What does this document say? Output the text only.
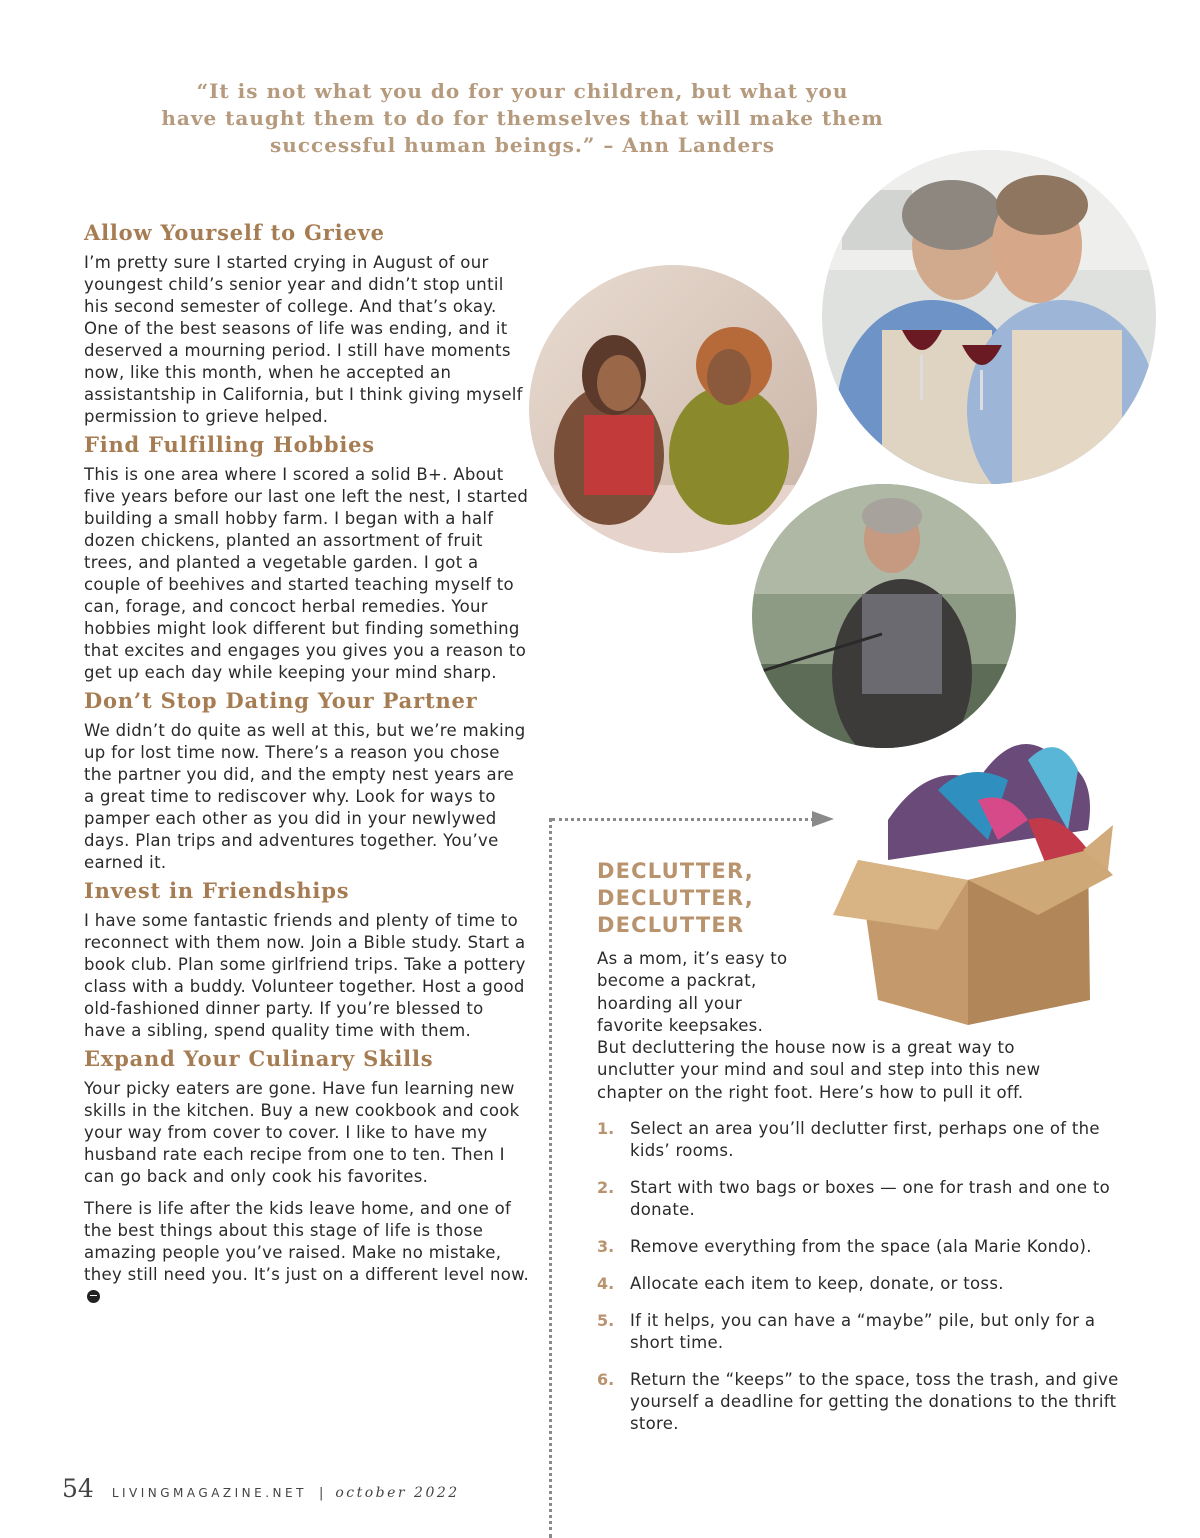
“It is not what you do for your children, but what you
have taught them to do for themselves that will make them
successful human beings.” – Ann Landers
Allow Yourself to Grieve

I’m pretty sure I started crying in August of our youngest child’s senior year and didn’t stop until his second semester of college. And that’s okay. One of the best seasons of life was ending, and it deserved a mourning period. I still have moments now, like this month, when he accepted an assistantship in California, but I think giving myself permission to grieve helped.

Find Fulfilling Hobbies

This is one area where I scored a solid B+. About five years before our last one left the nest, I started building a small hobby farm. I began with a half dozen chickens, planted an assortment of fruit trees, and planted a vegetable garden. I got a couple of beehives and started teaching myself to can, forage, and concoct herbal remedies. Your hobbies might look different but finding something that excites and engages you gives you a reason to get up each day while keeping your mind sharp.

Don’t Stop Dating Your Partner

We didn’t do quite as well at this, but we’re making up for lost time now. There’s a reason you chose the partner you did, and the empty nest years are a great time to rediscover why. Look for ways to pamper each other as you did in your newlywed days. Plan trips and adventures together. You’ve earned it.

Invest in Friendships

I have some fantastic friends and plenty of time to reconnect with them now. Join a Bible study. Start a book club. Plan some girlfriend trips. Take a pottery class with a buddy. Volunteer together. Host a good old-fashioned dinner party. If you’re blessed to have a sibling, spend quality time with them.

Expand Your Culinary Skills

Your picky eaters are gone. Have fun learning new skills in the kitchen. Buy a new cookbook and cook your way from cover to cover. I like to have my husband rate each recipe from one to ten. Then I can go back and only cook his favorites.

There is life after the kids leave home, and one of the best things about this stage of life is those amazing people you’ve raised. Make no mistake, they still need you. It’s just on a different level now.

DECLUTTER,
DECLUTTER,
DECLUTTER
As a mom, it’s easy to become a packrat, hoarding all your favorite keepsakes.
But decluttering the house now is a great way to unclutter your mind and soul and step into this new chapter on the right foot. Here’s how to pull it off.
1. Select an area you’ll declutter first, perhaps one of the kids’ rooms.
2. Start with two bags or boxes — one for trash and one to donate.
3. Remove everything from the space (ala Marie Kondo).
4. Allocate each item to keep, donate, or toss.
5. If it helps, you can have a “maybe” pile, but only for a short time.
6. Return the “keeps” to the space, toss the trash, and give yourself a deadline for getting the donations to the thrift store.
54 LIVINGMAGAZINE.NET | october 2022
